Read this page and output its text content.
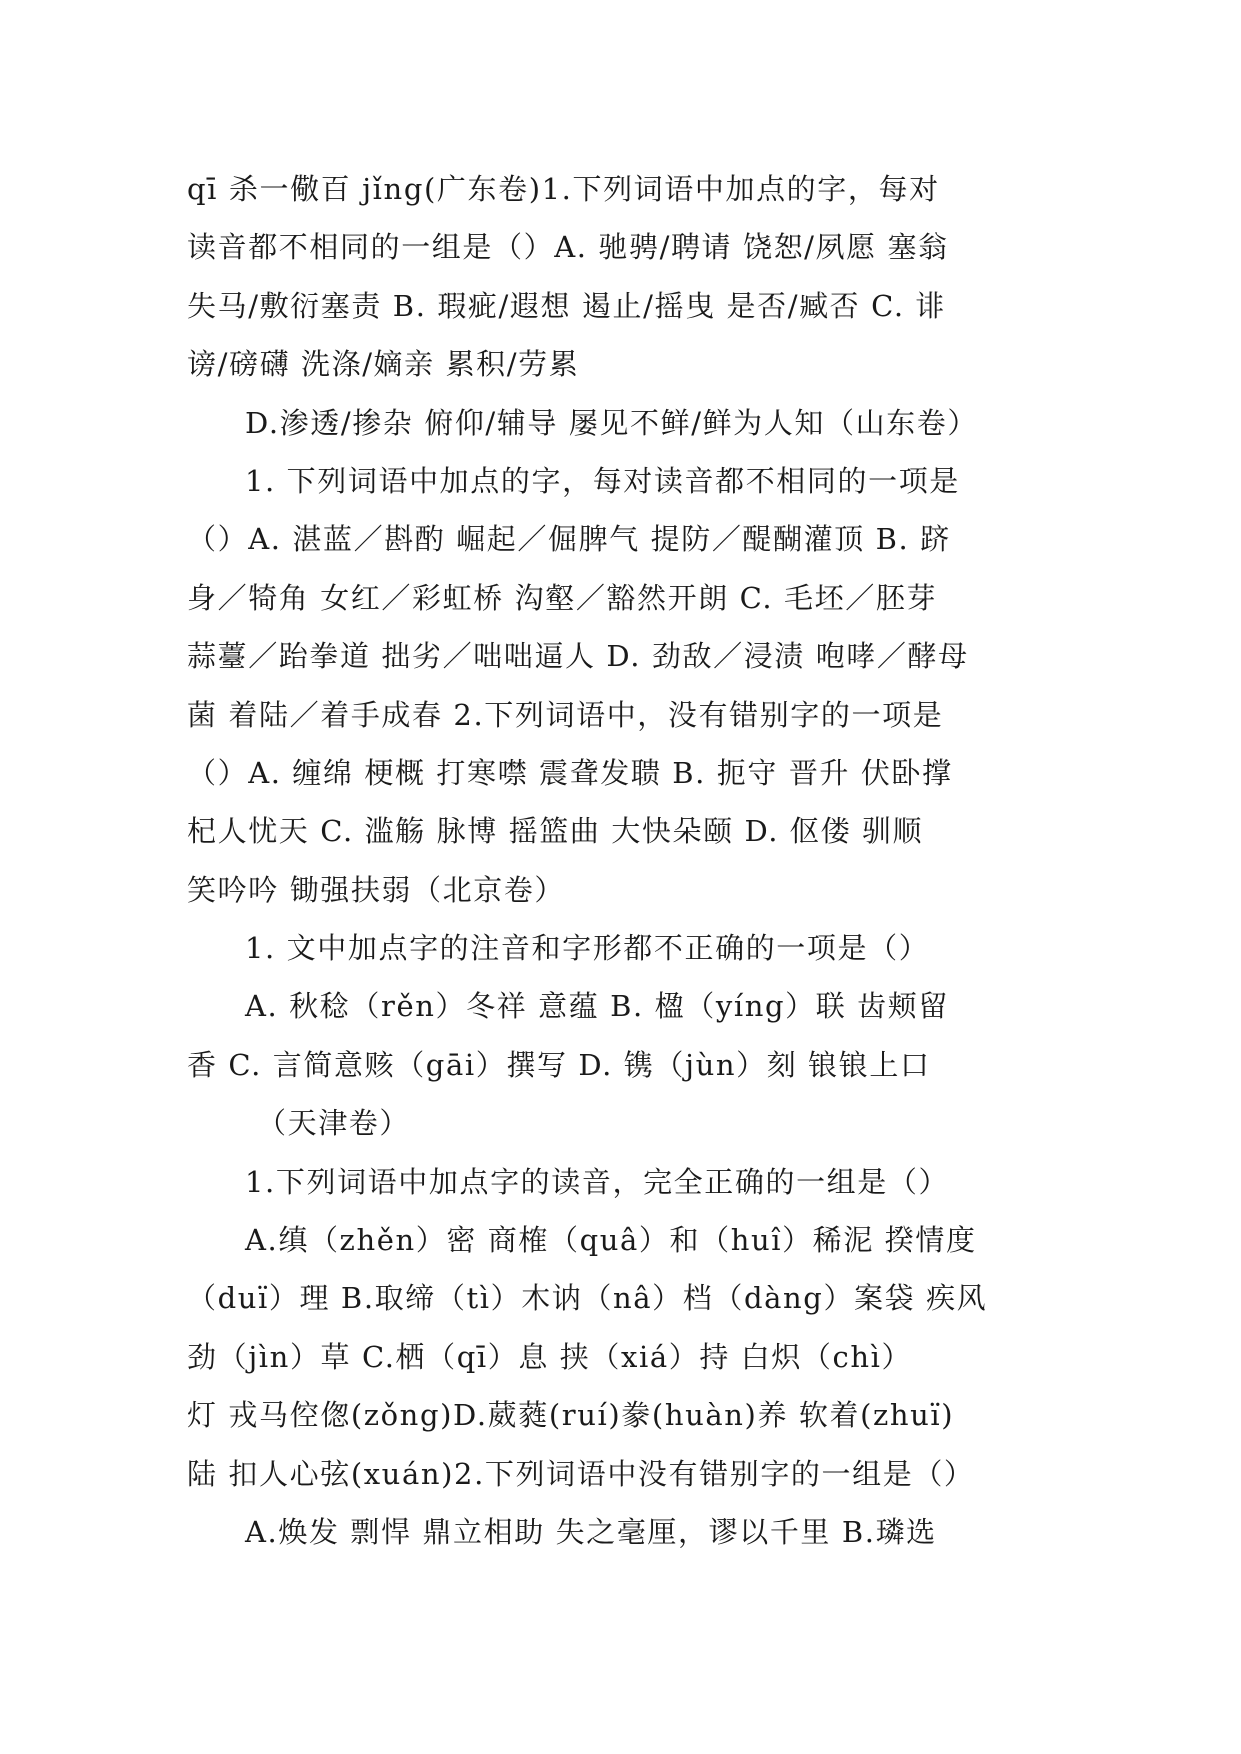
qī 杀一儆百 jǐng(广东卷)1.下列词语中加点的字，每对
读音都不相同的一组是（）A. 驰骋/聘请 饶恕/夙愿 塞翁
失马/敷衍塞责 B. 瑕疵/遐想 遏止/摇曳 是否/臧否 C. 诽
谤/磅礴 洗涤/嫡亲 累积/劳累
D.渗透/掺杂 俯仰/辅导 屡见不鲜/鲜为人知（山东卷）
1. 下列词语中加点的字，每对读音都不相同的一项是
（）A. 湛蓝／斟酌 崛起／倔脾气 提防／醍醐灌顶 B. 跻
身／犄角 女红／彩虹桥 沟壑／豁然开朗 C. 毛坯／胚芽
蒜薹／跆拳道 拙劣／咄咄逼人 D. 劲敌／浸渍 咆哮／酵母
菌 着陆／着手成春 2.下列词语中，没有错别字的一项是
（）A. 缠绵 梗概 打寒噤 震聋发聩 B. 扼守 晋升 伏卧撑
杞人忧天 C. 滥觞 脉博 摇篮曲 大快朵颐 D. 伛偻 驯顺
笑吟吟 锄强扶弱（北京卷）
1. 文中加点字的注音和字形都不正确的一项是（）
A. 秋稔（rěn）冬祥 意蕴 B. 楹（yíng）联 齿颊留
香 C. 言简意赅（gāi）撰写 D. 镌（jùn）刻 锒锒上口
（天津卷）
1.下列词语中加点字的读音，完全正确的一组是（）
A.缜（zhěn）密 商榷（quâ）和（huî）稀泥 揆情度
（duï）理 B.取缔（tì）木讷（nâ）档（dàng）案袋 疾风
劲（jìn）草 C.栖（qī）息 挟（xiá）持 白炽（chì）
灯 戎马倥偬(zǒng)D.葳蕤(ruí)豢(huàn)养 软着(zhuï)
陆 扣人心弦(xuán)2.下列词语中没有错别字的一组是（）
A.焕发 剽悍 鼎立相助 失之毫厘，谬以千里 B.璘选
